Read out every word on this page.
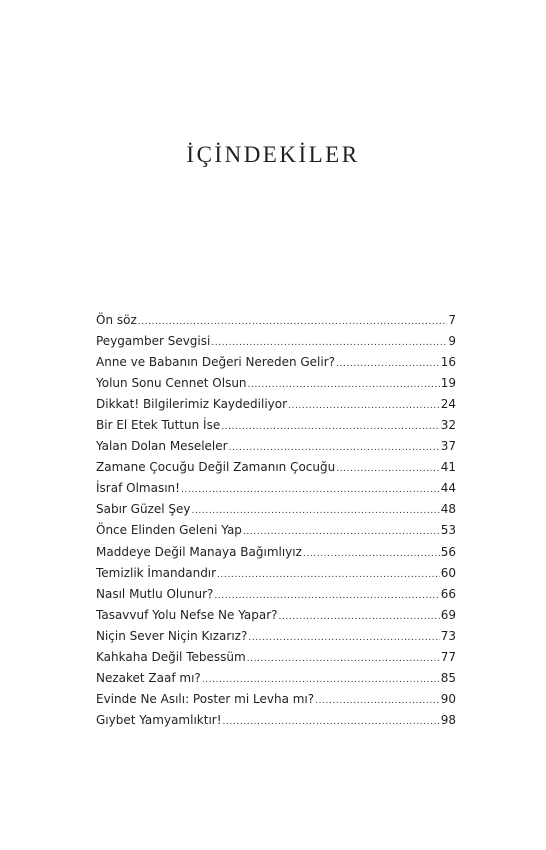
İÇİNDEKİLER
Ön söz .....	7
Peygamber Sevgisi .....	9
Anne ve Babanın Değeri Nereden Gelir? .....	16
Yolun Sonu Cennet Olsun .....	19
Dikkat! Bilgilerimiz Kaydediliyor .....	24
Bir El Etek Tuttun İse .....	32
Yalan Dolan Meseleler .....	37
Zamane Çocuğu Değil Zamanın Çocuğu .....	41
İsraf Olmasın! .....	44
Sabır Güzel Şey .....	48
Önce Elinden Geleni Yap .....	53
Maddeye Değil Manaya Bağımlıyız .....	56
Temizlik İmandandır .....	60
Nasıl Mutlu Olunur? .....	66
Tasavvuf Yolu Nefse Ne Yapar? .....	69
Niçin Sever Niçin Kızarız? .....	73
Kahkaha Değil Tebessüm .....	77
Nezaket Zaaf mı? .....	85
Evinde Ne Asılı: Poster mi Levha mı? .....	90
Gıybet Yamyamlıktır! .....	98
